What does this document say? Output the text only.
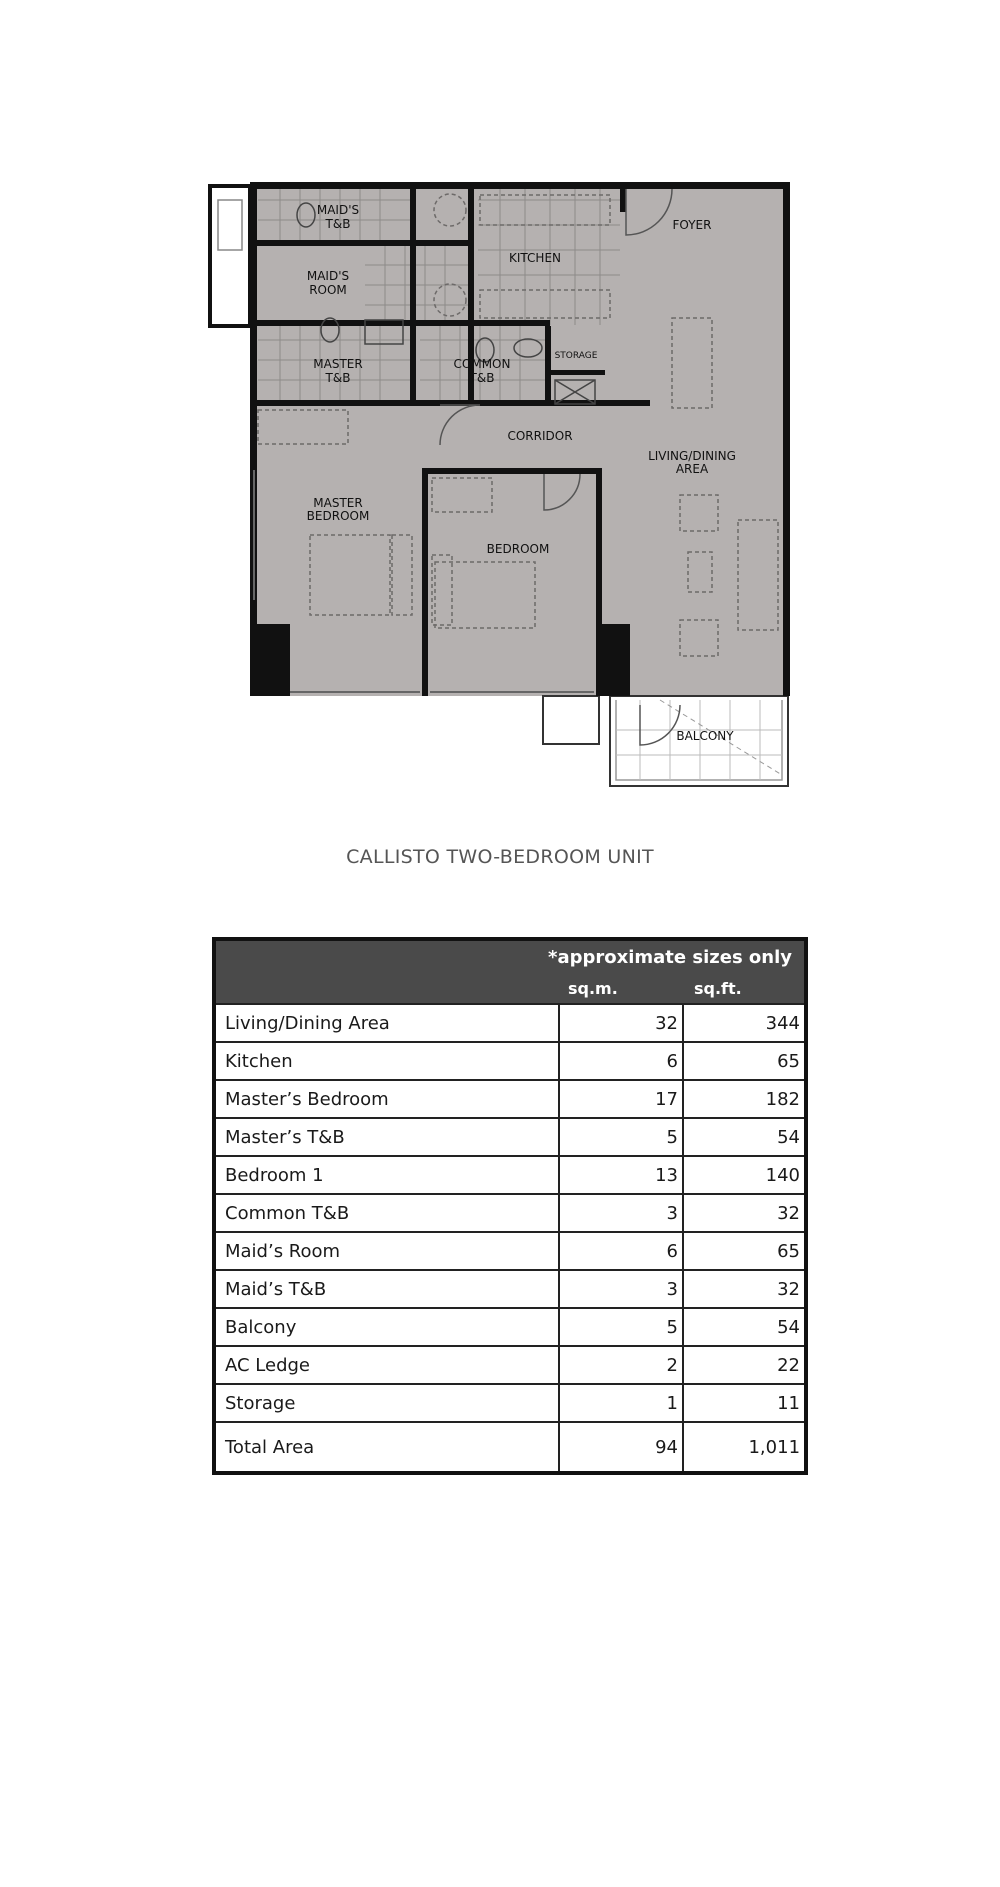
MAID'S
T&B
MAID'S
ROOM
KITCHEN
FOYER
MASTER
T&B
COMMON
T&B
STORAGE
CORRIDOR
LIVING/DINING
AREA
MASTER
BEDROOM
BEDROOM
BALCONY
CALLISTO TWO-BEDROOM UNIT
*approximate sizes only
sq.m. sq.ft.		

Living/Dining Area	32	344
Kitchen	6	65
Master’s Bedroom	17	182
Master’s T&B	5	54
Bedroom 1	13	140
Common T&B	3	32
Maid’s Room	6	65
Maid’s T&B	3	32
Balcony	5	54
AC Ledge	2	22
Storage	1	11
Total Area	94	1,011
